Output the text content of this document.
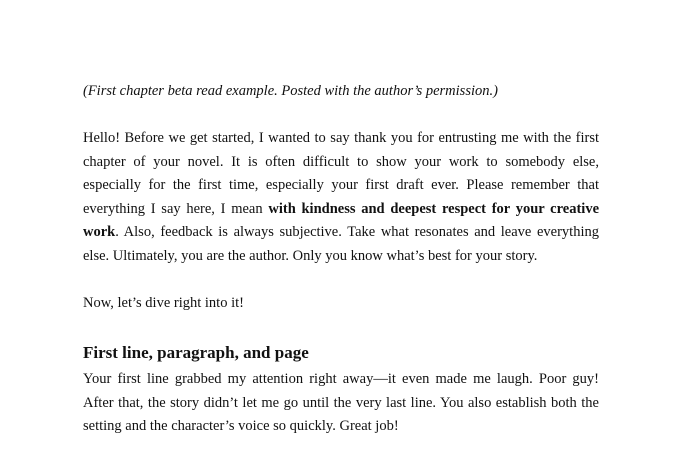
(First chapter beta read example. Posted with the author’s permission.)

Hello! Before we get started, I wanted to say thank you for entrusting me with the first chapter of your novel. It is often difficult to show your work to somebody else, especially for the first time, especially your first draft ever. Please remember that everything I say here, I mean with kindness and deepest respect for your creative work. Also, feedback is always subjective. Take what resonates and leave everything else. Ultimately, you are the author. Only you know what’s best for your story.

Now, let’s dive right into it!

First line, paragraph, and page

Your first line grabbed my attention right away—it even made me laugh. Poor guy! After that, the story didn’t let me go until the very last line. You also establish both the setting and the character’s voice so quickly. Great job!
